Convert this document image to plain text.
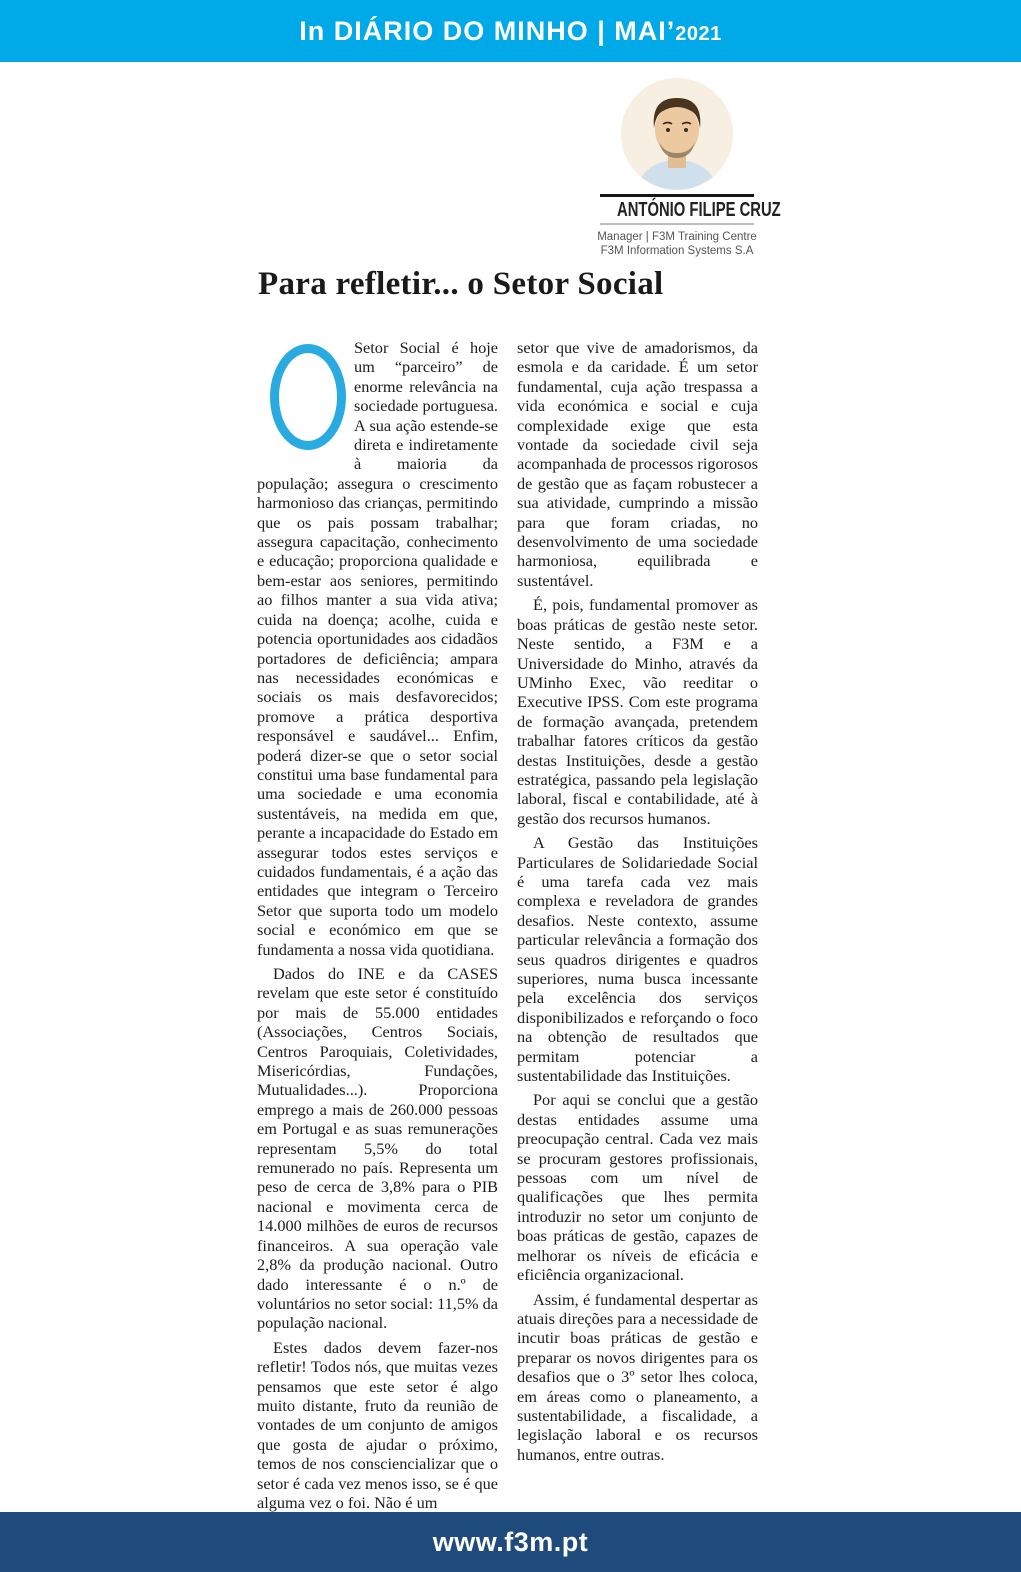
In DIÁRIO DO MINHO | MAI’2021
ANTÓNIO FILIPE CRUZ

Manager | F3M Training Centre

F3M Information Systems S.A

Para refletir... o Setor Social

Setor Social é hoje um “parceiro” de enorme relevância na sociedade portuguesa. A sua ação estende-se direta e indiretamente à maioria da população; assegura o crescimento harmonioso das crianças, permitindo que os pais possam trabalhar; assegura capacitação, conhecimento e educação; proporciona qualidade e bem-estar aos seniores, permitindo ao filhos manter a sua vida ativa; cuida na doença; acolhe, cuida e potencia oportunidades aos cidadãos portadores de deficiência; ampara nas necessidades económicas e sociais os mais desfavorecidos; promove a prática desportiva responsável e saudável... Enfim, poderá dizer-se que o setor social constitui uma base fundamental para uma sociedade e uma economia sustentáveis, na medida em que, perante a incapacidade do Estado em assegurar todos estes serviços e cuidados fundamentais, é a ação das entidades que integram o Terceiro Setor que suporta todo um modelo social e económico em que se fundamenta a nossa vida quotidiana.

Dados do INE e da CASES revelam que este setor é constituído por mais de 55.000 entidades (Associações, Centros Sociais, Centros Paroquiais, Coletividades, Misericórdias, Fundações, Mutualidades...). Proporciona emprego a mais de 260.000 pessoas em Portugal e as suas remunerações representam 5,5% do total remunerado no país. Representa um peso de cerca de 3,8% para o PIB nacional e movimenta cerca de 14.000 milhões de euros de recursos financeiros. A sua operação vale 2,8% da produção nacional. Outro dado interessante é o n.º de voluntários no setor social: 11,5% da população nacional.

Estes dados devem fazer-nos refletir! Todos nós, que muitas vezes pensamos que este setor é algo muito distante, fruto da reunião de vontades de um conjunto de amigos que gosta de ajudar o próximo, temos de nos consciencializar que o setor é cada vez menos isso, se é que alguma vez o foi. Não é um

setor que vive de amadorismos, da esmola e da caridade. É um setor fundamental, cuja ação trespassa a vida económica e social e cuja complexidade exige que esta vontade da sociedade civil seja acompanhada de processos rigorosos de gestão que as façam robustecer a sua atividade, cumprindo a missão para que foram criadas, no desenvolvimento de uma sociedade harmoniosa, equilibrada e sustentável.

É, pois, fundamental promover as boas práticas de gestão neste setor. Neste sentido, a F3M e a Universidade do Minho, através da UMinho Exec, vão reeditar o Executive IPSS. Com este programa de formação avançada, pretendem trabalhar fatores críticos da gestão destas Instituições, desde a gestão estratégica, passando pela legislação laboral, fiscal e contabilidade, até à gestão dos recursos humanos.

A Gestão das Instituições Particulares de Solidariedade Social é uma tarefa cada vez mais complexa e reveladora de grandes desafios. Neste contexto, assume particular relevância a formação dos seus quadros dirigentes e quadros superiores, numa busca incessante pela excelência dos serviços disponibilizados e reforçando o foco na obtenção de resultados que permitam potenciar a sustentabilidade das Instituições.

Por aqui se conclui que a gestão destas entidades assume uma preocupação central. Cada vez mais se procuram gestores profissionais, pessoas com um nível de qualificações que lhes permita introduzir no setor um conjunto de boas práticas de gestão, capazes de melhorar os níveis de eficácia e eficiência organizacional.

Assim, é fundamental despertar as atuais direções para a necessidade de incutir boas práticas de gestão e preparar os novos dirigentes para os desafios que o 3º setor lhes coloca, em áreas como o planeamento, a sustentabilidade, a fiscalidade, a legislação laboral e os recursos humanos, entre outras.

www.f3m.pt
